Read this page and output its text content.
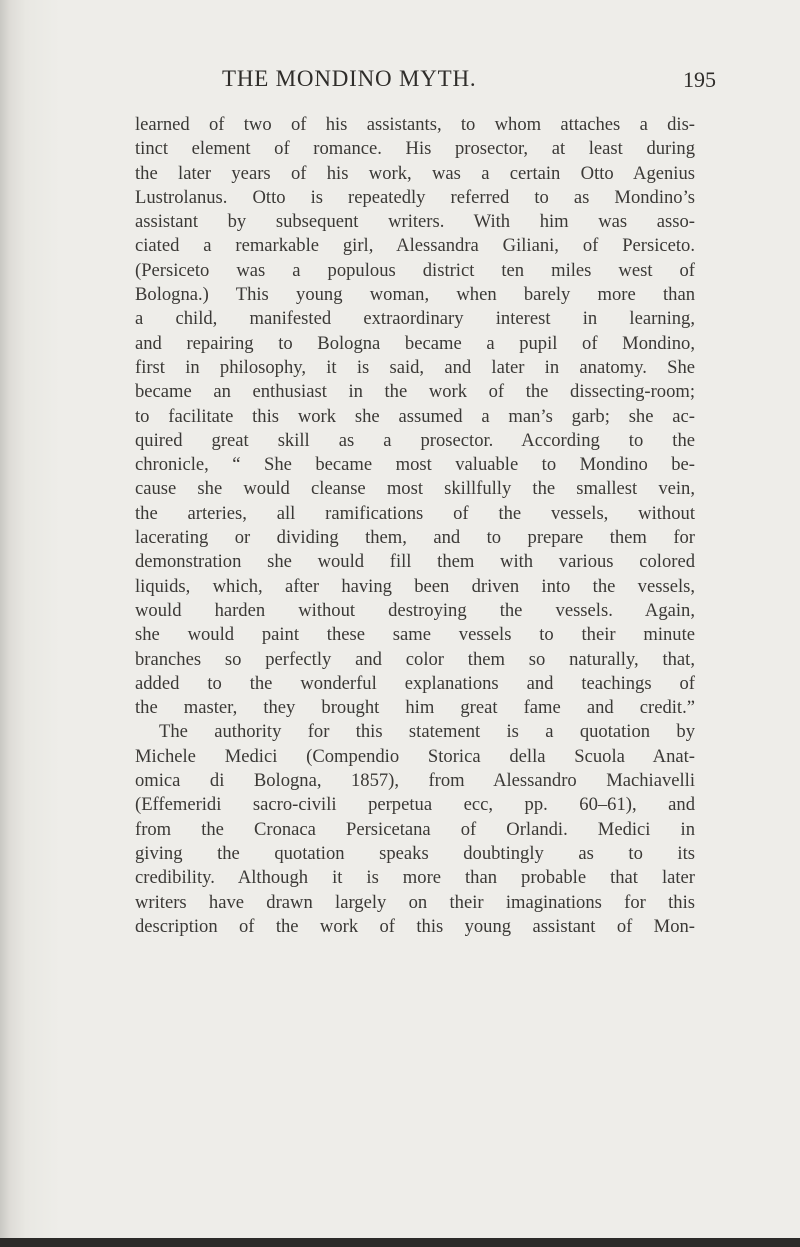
THE MONDINO MYTH.	195
learned of two of his assistants, to whom attaches a dis-
tinct element of romance. His prosector, at least during
the later years of his work, was a certain Otto Agenius
Lustrolanus. Otto is repeatedly referred to as Mondino’s
assistant by subsequent writers. With him was asso-
ciated a remarkable girl, Alessandra Giliani, of Persiceto.
(Persiceto was a populous district ten miles west of
Bologna.) This young woman, when barely more than
a child, manifested extraordinary interest in learning,
and repairing to Bologna became a pupil of Mondino,
first in philosophy, it is said, and later in anatomy. She
became an enthusiast in the work of the dissecting-room;
to facilitate this work she assumed a man’s garb; she ac-
quired great skill as a prosector. According to the
chronicle, “ She became most valuable to Mondino be-
cause she would cleanse most skillfully the smallest vein,
the arteries, all ramifications of the vessels, without
lacerating or dividing them, and to prepare them for
demonstration she would fill them with various colored
liquids, which, after having been driven into the vessels,
would harden without destroying the vessels. Again,
she would paint these same vessels to their minute
branches so perfectly and color them so naturally, that,
added to the wonderful explanations and teachings of
the master, they brought him great fame and credit.”
The authority for this statement is a quotation by
Michele Medici (Compendio Storica della Scuola Anat-
omica di Bologna, 1857), from Alessandro Machiavelli
(Effemeridi sacro-civili perpetua ecc, pp. 60–61), and
from the Cronaca Persicetana of Orlandi. Medici in
giving the quotation speaks doubtingly as to its
credibility. Although it is more than probable that later
writers have drawn largely on their imaginations for this
description of the work of this young assistant of Mon-
